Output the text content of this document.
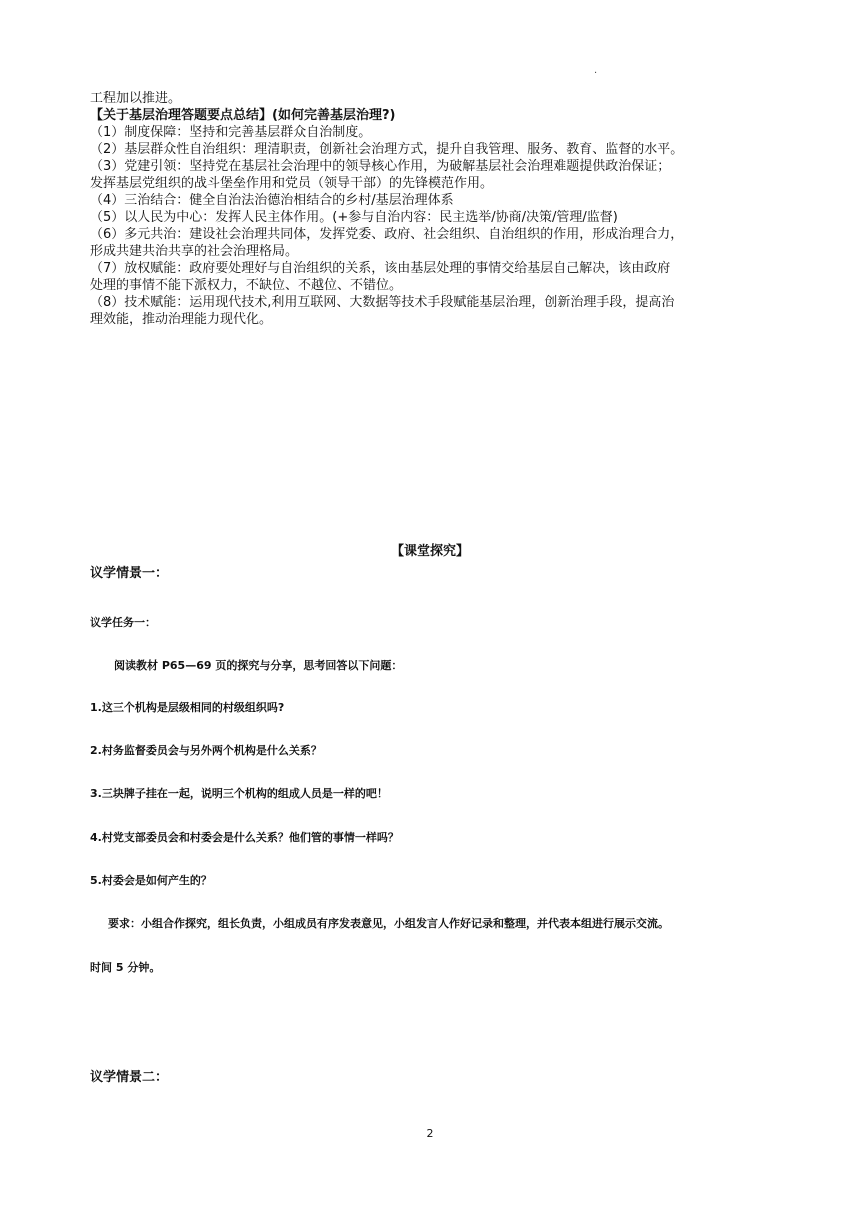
.

工程加以推进。

【关于基层治理答题要点总结】(如何完善基层治理?)

（1）制度保障：坚持和完善基层群众自治制度。

（2）基层群众性自治组织：理清职责，创新社会治理方式，提升自我管理、服务、教育、监督的水平。

（3）党建引领：坚持党在基层社会治理中的领导核心作用，为破解基层社会治理难题提供政治保证；

发挥基层党组织的战斗堡垒作用和党员（领导干部）的先锋模范作用。

（4）三治结合：健全自治法治德治相结合的乡村/基层治理体系

（5）以人民为中心：发挥人民主体作用。(+参与自治内容：民主选举/协商/决策/管理/监督)

（6）多元共治：建设社会治理共同体，发挥党委、政府、社会组织、自治组织的作用，形成治理合力，

形成共建共治共享的社会治理格局。

（7）放权赋能：政府要处理好与自治组织的关系，该由基层处理的事情交给基层自己解决，该由政府

处理的事情不能下派权力，不缺位、不越位、不错位。

（8）技术赋能：运用现代技术,利用互联网、大数据等技术手段赋能基层治理，创新治理手段，提高治

理效能，推动治理能力现代化。

【课堂探究】

议学情景一：

议学任务一：

阅读教材 P65—69 页的探究与分享，思考回答以下问题：

1.这三个机构是层级相同的村级组织吗?

2.村务监督委员会与另外两个机构是什么关系？

3.三块牌子挂在一起，说明三个机构的组成人员是一样的吧！

4.村党支部委员会和村委会是什么关系？他们管的事情一样吗？

5.村委会是如何产生的？

要求：小组合作探究，组长负责，小组成员有序发表意见，小组发言人作好记录和整理，并代表本组进行展示交流。

时间 5 分钟。

议学情景二：

2
